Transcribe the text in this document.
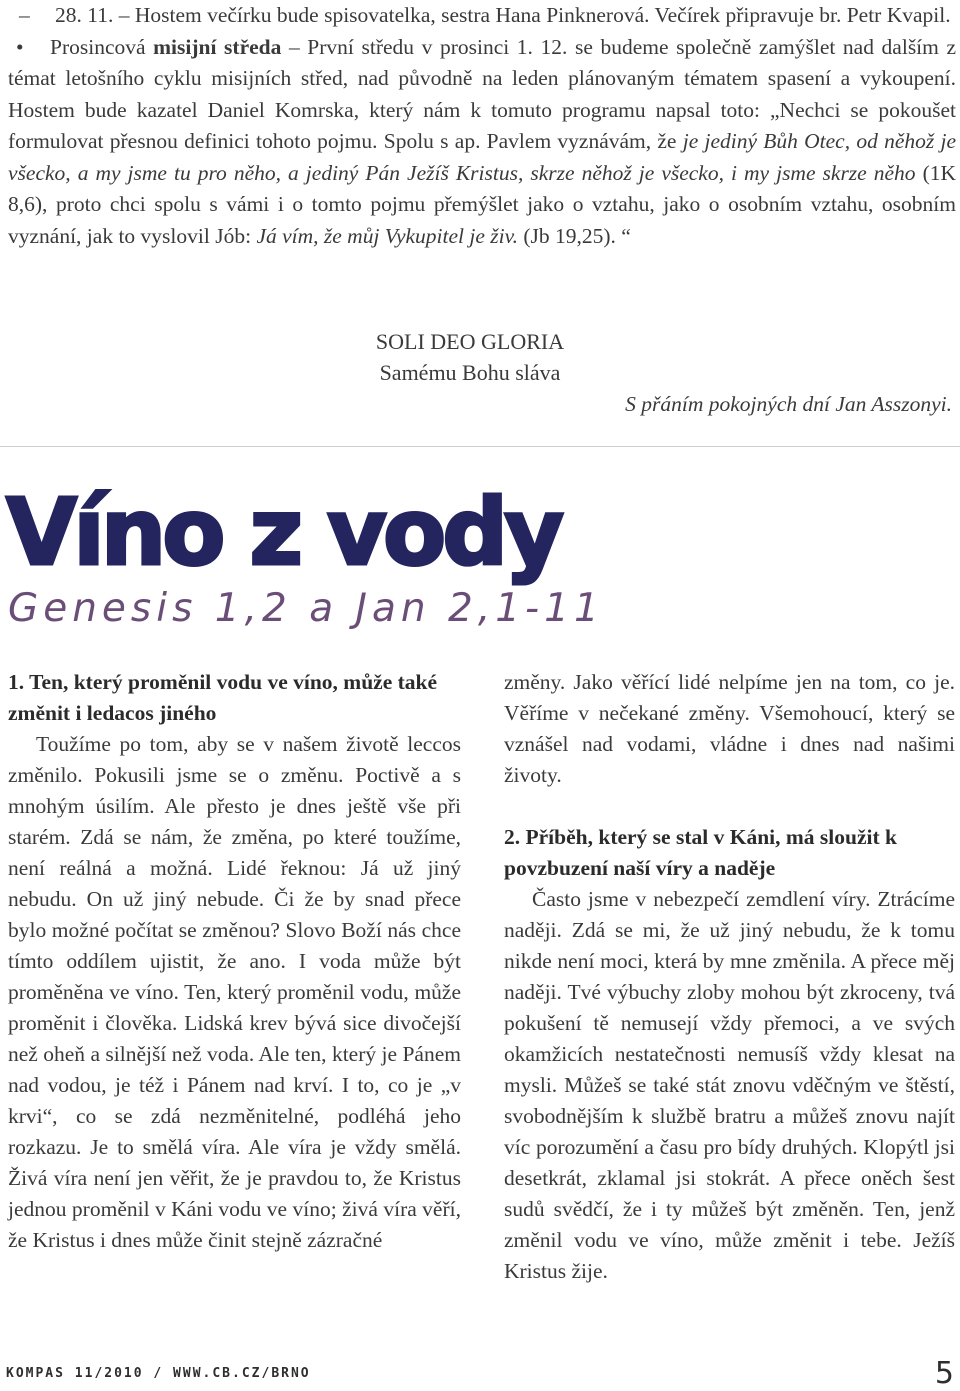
– 28. 11. – Hostem večírku bude spisovatelka, sestra Hana Pinknerová. Večírek připravuje br. Petr Kvapil.

• Prosincová misijní středa – První středu v prosinci 1. 12. se budeme společně zamýšlet nad dalším z témat letošního cyklu misijních střed, nad původně na leden plánovaným tématem spasení a vykoupení. Hostem bude kazatel Daniel Komrska, který nám k tomuto programu napsal toto: „Nechci se pokoušet formulovat přesnou definici tohoto pojmu. Spolu s ap. Pavlem vyznávám, že je jediný Bůh Otec, od něhož je všecko, a my jsme tu pro něho, a jediný Pán Ježíš Kristus, skrze něhož je všecko, i my jsme skrze něho (1K 8,6), proto chci spolu s vámi i o tomto pojmu přemýšlet jako o vztahu, jako o osobním vztahu, osobním vyznání, jak to vyslovil Jób: Já vím, že můj Vykupitel je živ. (Jb 19,25). “

SOLI DEO GLORIA
Samému Bohu sláva
S přáním pokojných dní Jan Asszonyi.
Víno z vody
Genesis 1,2 a Jan 2,1-11
1. Ten, který proměnil vodu ve víno, může také změnit i ledacos jiného

Toužíme po tom, aby se v našem životě leccos změnilo. Pokusili jsme se o změnu. Poctivě a s mnohým úsilím. Ale přesto je dnes ještě vše při starém. Zdá se nám, že změna, po které toužíme, není reálná a možná. Lidé řeknou: Já už jiný nebudu. On už jiný nebude. Či že by snad přece bylo možné počítat se změnou? Slovo Boží nás chce tímto oddílem ujistit, že ano. I voda může být proměněna ve víno. Ten, který proměnil vodu, může proměnit i člověka. Lidská krev bývá sice divočejší než oheň a silnější než voda. Ale ten, který je Pánem nad vodou, je též i Pánem nad krví. I to, co je „v krvi“, co se zdá nezměnitelné, podléhá jeho rozkazu. Je to smělá víra. Ale víra je vždy smělá. Živá víra není jen věřit, že je pravdou to, že Kristus jednou proměnil v Káni vodu ve víno; živá víra věří, že Kristus i dnes může činit stejně zázračné

změny. Jako věřící lidé nelpíme jen na tom, co je. Věříme v nečekané změny. Všemohoucí, který se vznášel nad vodami, vládne i dnes nad našimi životy.

2. Příběh, který se stal v Káni, má sloužit k povzbuzení naší víry a naděje

Často jsme v nebezpečí zemdlení víry. Ztrácíme naději. Zdá se mi, že už jiný nebudu, že k tomu nikde není moci, která by mne změnila. A přece měj naději. Tvé výbuchy zloby mohou být zkroceny, tvá pokušení tě nemusejí vždy přemoci, a ve svých okamžicích nestatečnosti nemusíš vždy klesat na mysli. Můžeš se také stát znovu vděčným ve štěstí, svobodnějším k službě bratru a můžeš znovu najít víc porozumění a času pro bídy druhých. Klopýtl jsi desetkrát, zklamal jsi stokrát. A přece oněch šest sudů svědčí, že i ty můžeš být změněn. Ten, jenž změnil vodu ve víno, může změnit i tebe. Ježíš Kristus žije.

KOMPAS 11/2010 / WWW.CB.CZ/BRNO	5
